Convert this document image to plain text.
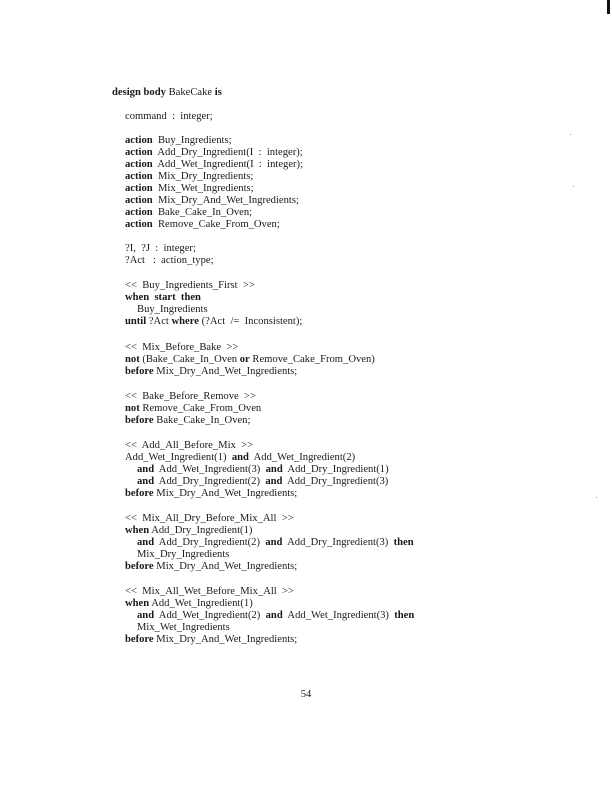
design body BakeCake is
command  :  integer;
action Buy_Ingredients;
action Add_Dry_Ingredient(I  :  integer);
action Add_Wet_Ingredient(I  :  integer);
action Mix_Dry_Ingredients;
action Mix_Wet_Ingredients;
action Mix_Dry_And_Wet_Ingredients;
action Bake_Cake_In_Oven;
action Remove_Cake_From_Oven;
?I,  ?J  :  integer;
?Act   :  action_type;
<<  Buy_Ingredients_First  >>
when start then
Buy_Ingredients
until ?Act where (?Act  /=  Inconsistent);
<<  Mix_Before_Bake  >>
not (Bake_Cake_In_Oven or Remove_Cake_From_Oven)
before Mix_Dry_And_Wet_Ingredients;
<<  Bake_Before_Remove  >>
not Remove_Cake_From_Oven
before Bake_Cake_In_Oven;
<<  Add_All_Before_Mix  >>
Add_Wet_Ingredient(1)  and  Add_Wet_Ingredient(2)
and  Add_Wet_Ingredient(3)  and  Add_Dry_Ingredient(1)
and  Add_Dry_Ingredient(2)  and  Add_Dry_Ingredient(3)
before Mix_Dry_And_Wet_Ingredients;
<<  Mix_All_Dry_Before_Mix_All  >>
when Add_Dry_Ingredient(1)
and  Add_Dry_Ingredient(2)  and  Add_Dry_Ingredient(3)  then
Mix_Dry_Ingredients
before Mix_Dry_And_Wet_Ingredients;
<<  Mix_All_Wet_Before_Mix_All  >>
when Add_Wet_Ingredient(1)
and  Add_Wet_Ingredient(2)  and  Add_Wet_Ingredient(3)  then
Mix_Wet_Ingredients
before Mix_Dry_And_Wet_Ingredients;
54
